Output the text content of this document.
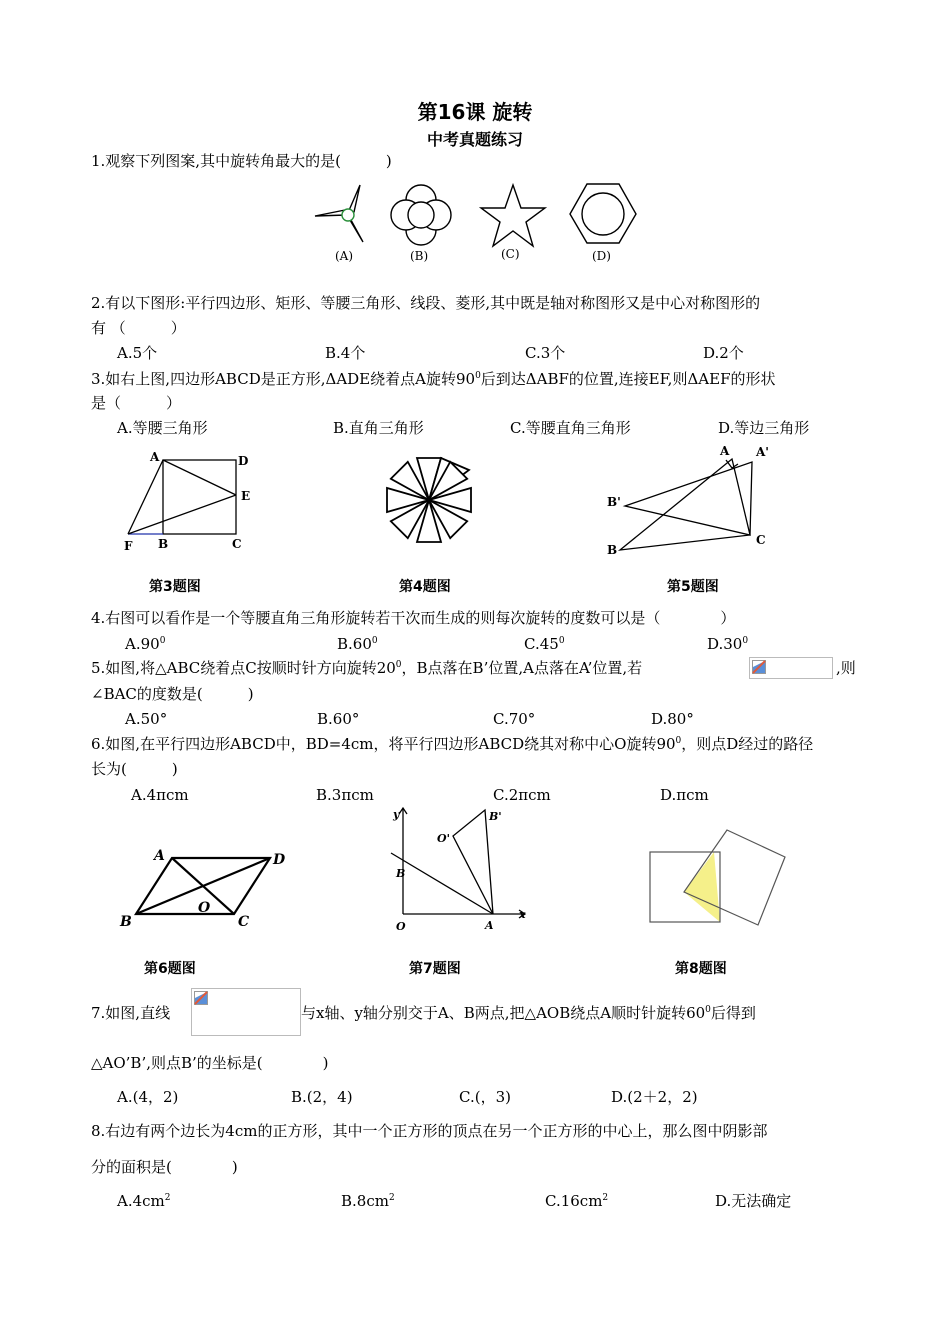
第16课 旋转
中考真题练习
1.观察下列图案,其中旋转角最大的是(　　　)
(A)	(B)	(C)	(D)
2.有以下图形:平行四边形、矩形、等腰三角形、线段、菱形,其中既是轴对称图形又是中心对称图形的
有 （　　　）
A.5个	B.4个	C.3个	D.2个
3.如右上图,四边形ABCD是正方形,ΔADE绕着点A旋转$90^0$后到达ΔABF的位置,连接EF,则ΔAEF的形状
是（　　　）
A.等腰三角形	B.直角三角形	C.等腰直角三角形	D.等边三角形
A	D
E
F B	C
A A'
B'
B
C
第3题图	第4题图	第5题图
4.右图可以看作是一个等腰直角三角形旋转若干次而生成的则每次旋转的度数可以是（　　　　）
$A.90^0$	$B.60^0$	$C.45^0$	$D.30^0$
5.如图,将△ABC绕着点C按顺时针方向旋转$20^0$，B点落在B’位置,A点落在A’位置,若	,则
∠BAC的度数是(　　　)
A.50°	B.60°	C.70°	D.80°
6.如图,在平行四边形ABCD中，BD=4cm，将平行四边形ABCD绕其对称中心O旋转$90^0$，则点D经过的路径
长为(　　　)
A.4πcm	B.3πcm	C.2πcm	D.πcm
A	D
B
O
C
y
x
O'
B'
B
O	A
第6题图	第7题图	第8题图
7.如图,直线	与x轴、y轴分别交于A、B两点,把△AOB绕点A顺时针旋转$60^0$后得到
△AO’B’,则点B’的坐标是(　　　　)
A.(4，2)	B.(2，4)	C.(，3)	D.(2＋2，2)
8.右边有两个边长为4cm的正方形，其中一个正方形的顶点在另一个正方形的中心上，那么图中阴影部
分的面积是(　　　　)
$A.4cm^2$	$B.8cm^2$	$C.16cm^2$	D.无法确定
